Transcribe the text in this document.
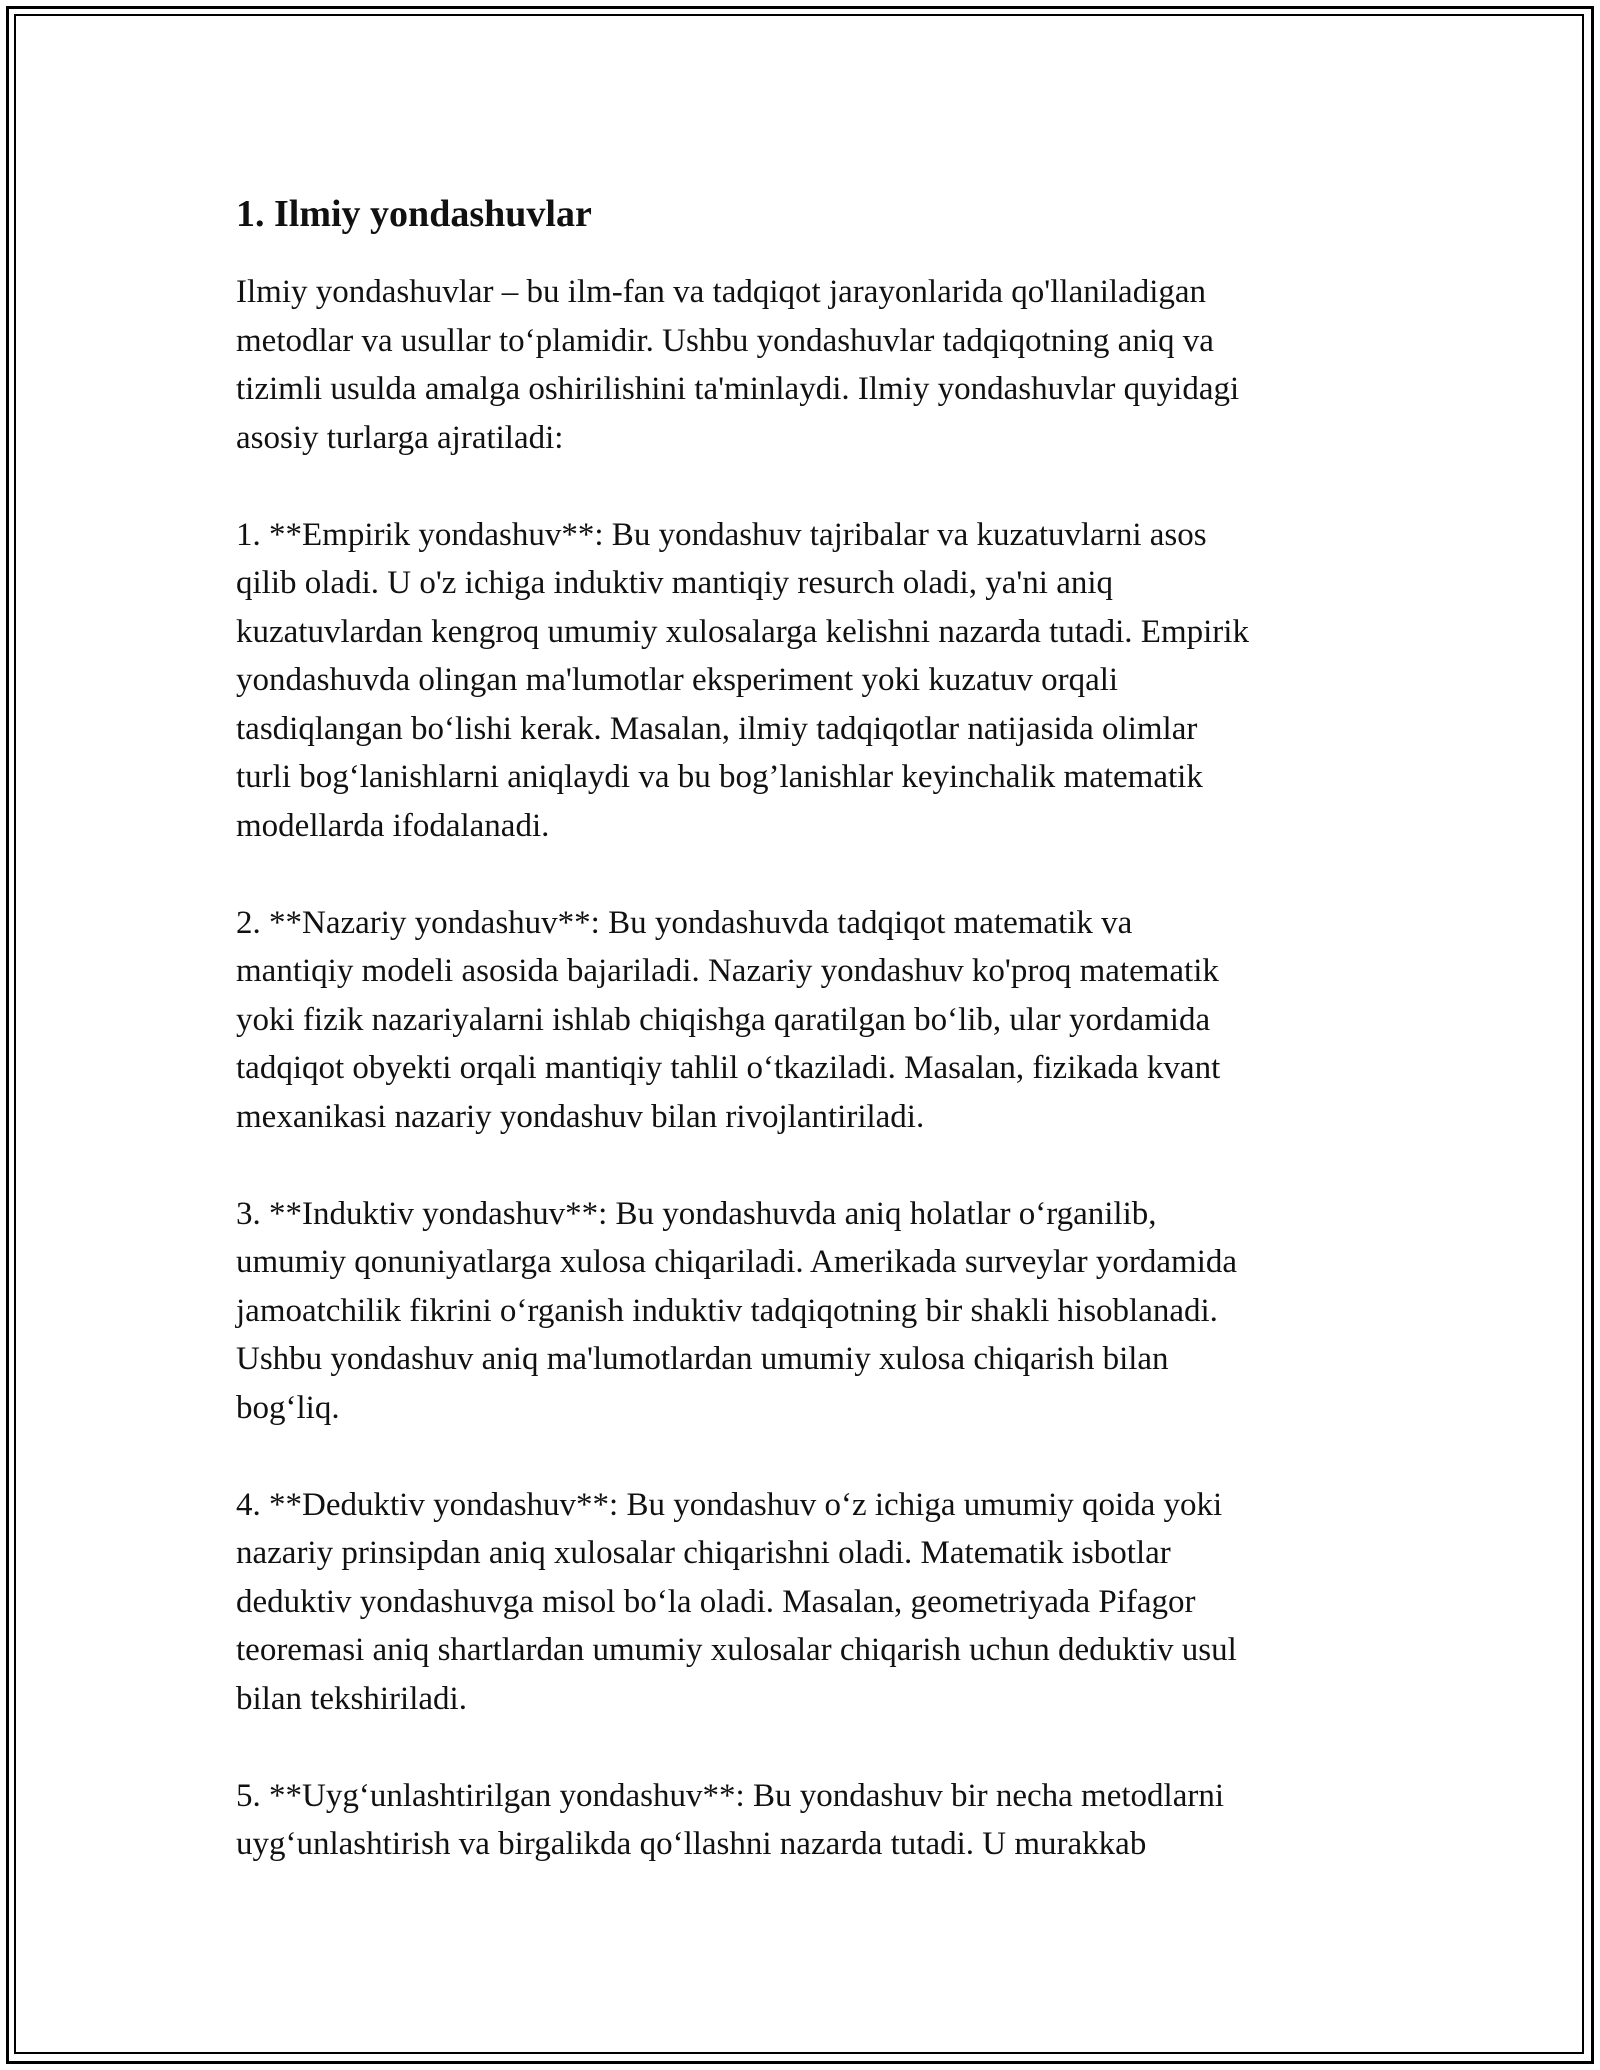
1. Ilmiy yondashuvlar

Ilmiy yondashuvlar – bu ilm-fan va tadqiqot jarayonlarida qo'llaniladigan
metodlar va usullar to‘plamidir. Ushbu yondashuvlar tadqiqotning aniq va
tizimli usulda amalga oshirilishini ta'minlaydi. Ilmiy yondashuvlar quyidagi
asosiy turlarga ajratiladi:

1. **Empirik yondashuv**: Bu yondashuv tajribalar va kuzatuvlarni asos
qilib oladi. U o'z ichiga induktiv mantiqiy resurch oladi, ya'ni aniq
kuzatuvlardan kengroq umumiy xulosalarga kelishni nazarda tutadi. Empirik
yondashuvda olingan ma'lumotlar eksperiment yoki kuzatuv orqali
tasdiqlangan bo‘lishi kerak. Masalan, ilmiy tadqiqotlar natijasida olimlar
turli bog‘lanishlarni aniqlaydi va bu bog’lanishlar keyinchalik matematik
modellarda ifodalanadi.

2. **Nazariy yondashuv**: Bu yondashuvda tadqiqot matematik va
mantiqiy modeli asosida bajariladi. Nazariy yondashuv ko'proq matematik
yoki fizik nazariyalarni ishlab chiqishga qaratilgan bo‘lib, ular yordamida
tadqiqot obyekti orqali mantiqiy tahlil o‘tkaziladi. Masalan, fizikada kvant
mexanikasi nazariy yondashuv bilan rivojlantiriladi.

3. **Induktiv yondashuv**: Bu yondashuvda aniq holatlar o‘rganilib,
umumiy qonuniyatlarga xulosa chiqariladi. Amerikada surveylar yordamida
jamoatchilik fikrini o‘rganish induktiv tadqiqotning bir shakli hisoblanadi.
Ushbu yondashuv aniq ma'lumotlardan umumiy xulosa chiqarish bilan
bog‘liq.

4. **Deduktiv yondashuv**: Bu yondashuv o‘z ichiga umumiy qoida yoki
nazariy prinsipdan aniq xulosalar chiqarishni oladi. Matematik isbotlar
deduktiv yondashuvga misol bo‘la oladi. Masalan, geometriyada Pifagor
teoremasi aniq shartlardan umumiy xulosalar chiqarish uchun deduktiv usul
bilan tekshiriladi.

5. **Uyg‘unlashtirilgan yondashuv**: Bu yondashuv bir necha metodlarni
uyg‘unlashtirish va birgalikda qo‘llashni nazarda tutadi. U murakkab
